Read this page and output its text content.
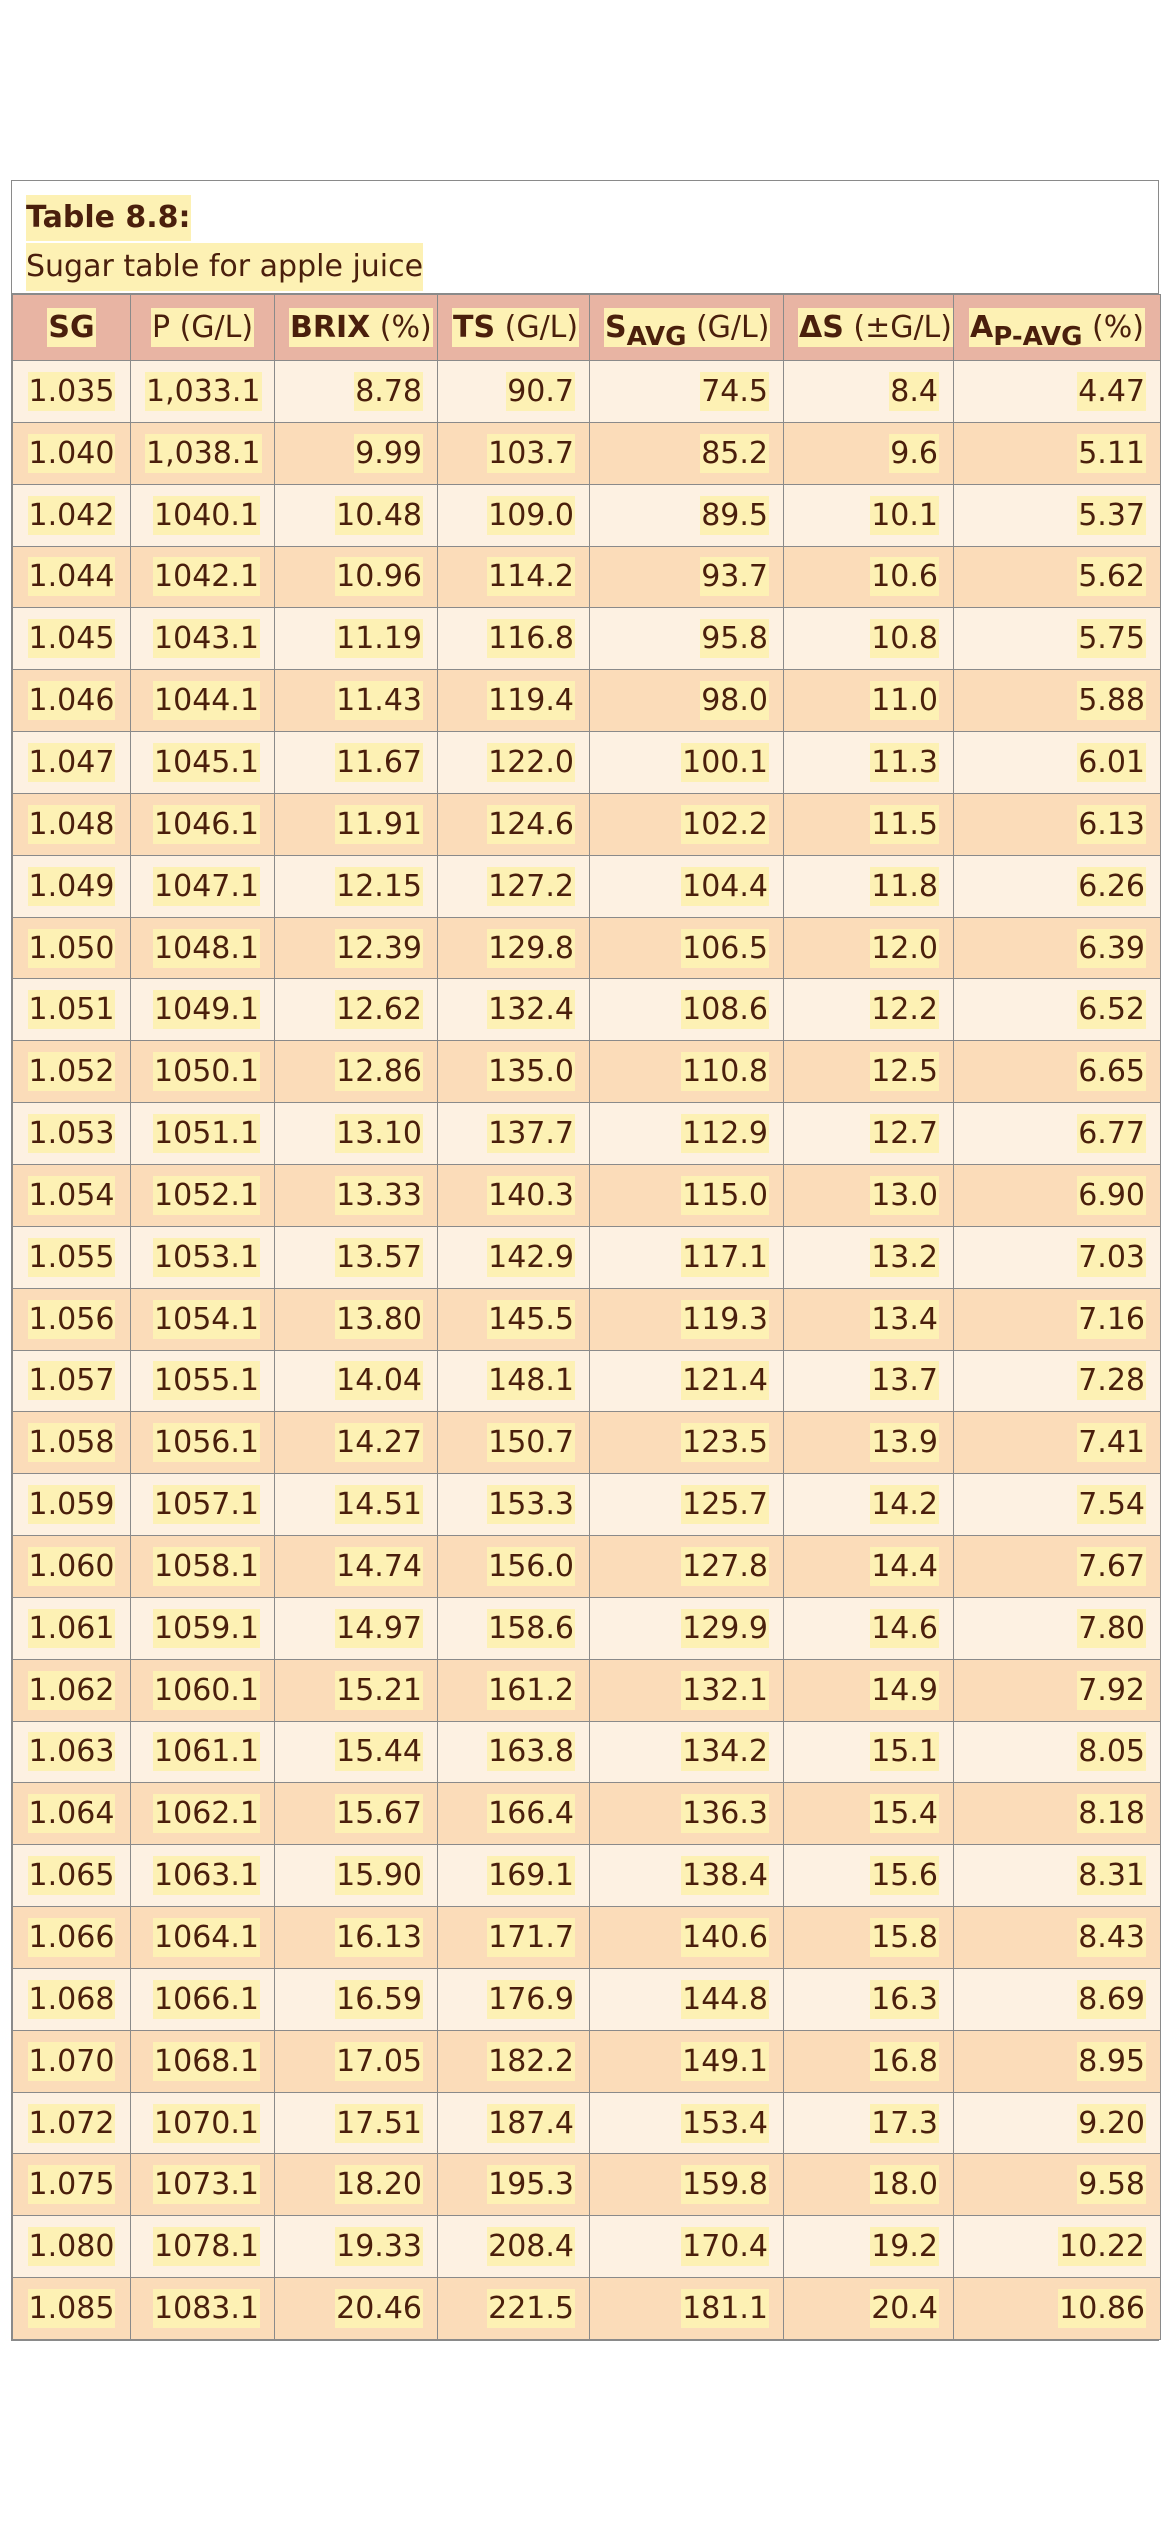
Table 8.8:
Sugar table for apple juice
SG	P (G/L)	BRIX (%)	TS (G/L)	$S_{AVG}$ (G/L)	ΔS (±G/L)	$A_{P-AVG}$ (%)
1.035	1,033.1	8.78	90.7	74.5	8.4	4.47
1.040	1,038.1	9.99	103.7	85.2	9.6	5.11
1.042	1040.1	10.48	109.0	89.5	10.1	5.37
1.044	1042.1	10.96	114.2	93.7	10.6	5.62
1.045	1043.1	11.19	116.8	95.8	10.8	5.75
1.046	1044.1	11.43	119.4	98.0	11.0	5.88
1.047	1045.1	11.67	122.0	100.1	11.3	6.01
1.048	1046.1	11.91	124.6	102.2	11.5	6.13
1.049	1047.1	12.15	127.2	104.4	11.8	6.26
1.050	1048.1	12.39	129.8	106.5	12.0	6.39
1.051	1049.1	12.62	132.4	108.6	12.2	6.52
1.052	1050.1	12.86	135.0	110.8	12.5	6.65
1.053	1051.1	13.10	137.7	112.9	12.7	6.77
1.054	1052.1	13.33	140.3	115.0	13.0	6.90
1.055	1053.1	13.57	142.9	117.1	13.2	7.03
1.056	1054.1	13.80	145.5	119.3	13.4	7.16
1.057	1055.1	14.04	148.1	121.4	13.7	7.28
1.058	1056.1	14.27	150.7	123.5	13.9	7.41
1.059	1057.1	14.51	153.3	125.7	14.2	7.54
1.060	1058.1	14.74	156.0	127.8	14.4	7.67
1.061	1059.1	14.97	158.6	129.9	14.6	7.80
1.062	1060.1	15.21	161.2	132.1	14.9	7.92
1.063	1061.1	15.44	163.8	134.2	15.1	8.05
1.064	1062.1	15.67	166.4	136.3	15.4	8.18
1.065	1063.1	15.90	169.1	138.4	15.6	8.31
1.066	1064.1	16.13	171.7	140.6	15.8	8.43
1.068	1066.1	16.59	176.9	144.8	16.3	8.69
1.070	1068.1	17.05	182.2	149.1	16.8	8.95
1.072	1070.1	17.51	187.4	153.4	17.3	9.20
1.075	1073.1	18.20	195.3	159.8	18.0	9.58
1.080	1078.1	19.33	208.4	170.4	19.2	10.22
1.085	1083.1	20.46	221.5	181.1	20.4	10.86
